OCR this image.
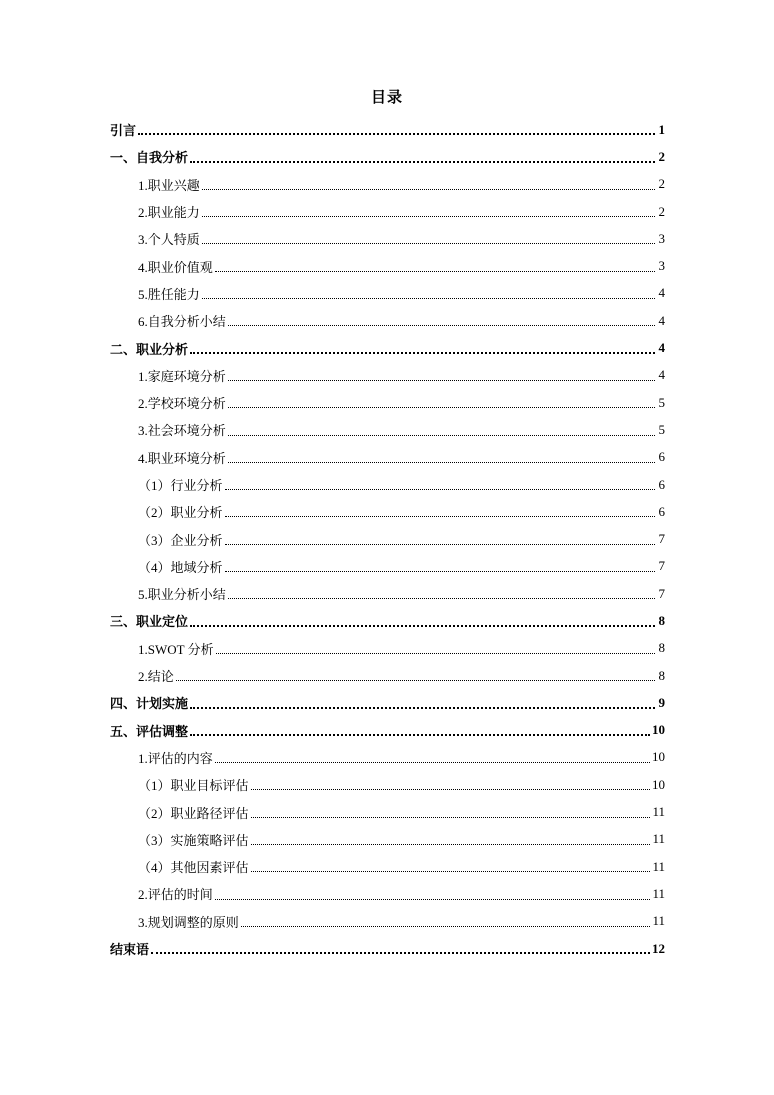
目录
引言	1
一、自我分析	2
1.职业兴趣	2
2.职业能力	2
3.个人特质	3
4.职业价值观	3
5.胜任能力	4
6.自我分析小结	4
二、职业分析	4
1.家庭环境分析	4
2.学校环境分析	5
3.社会环境分析	5
4.职业环境分析	6
（1）行业分析	6
（2）职业分析	6
（3）企业分析	7
（4）地域分析	7
5.职业分析小结	7
三、职业定位	8
1.SWOT 分析	8
2.结论	8
四、计划实施	9
五、评估调整	10
1.评估的内容	10
（1）职业目标评估	10
（2）职业路径评估	11
（3）实施策略评估	11
（4）其他因素评估	11
2.评估的时间	11
3.规划调整的原则	11
结束语	12
